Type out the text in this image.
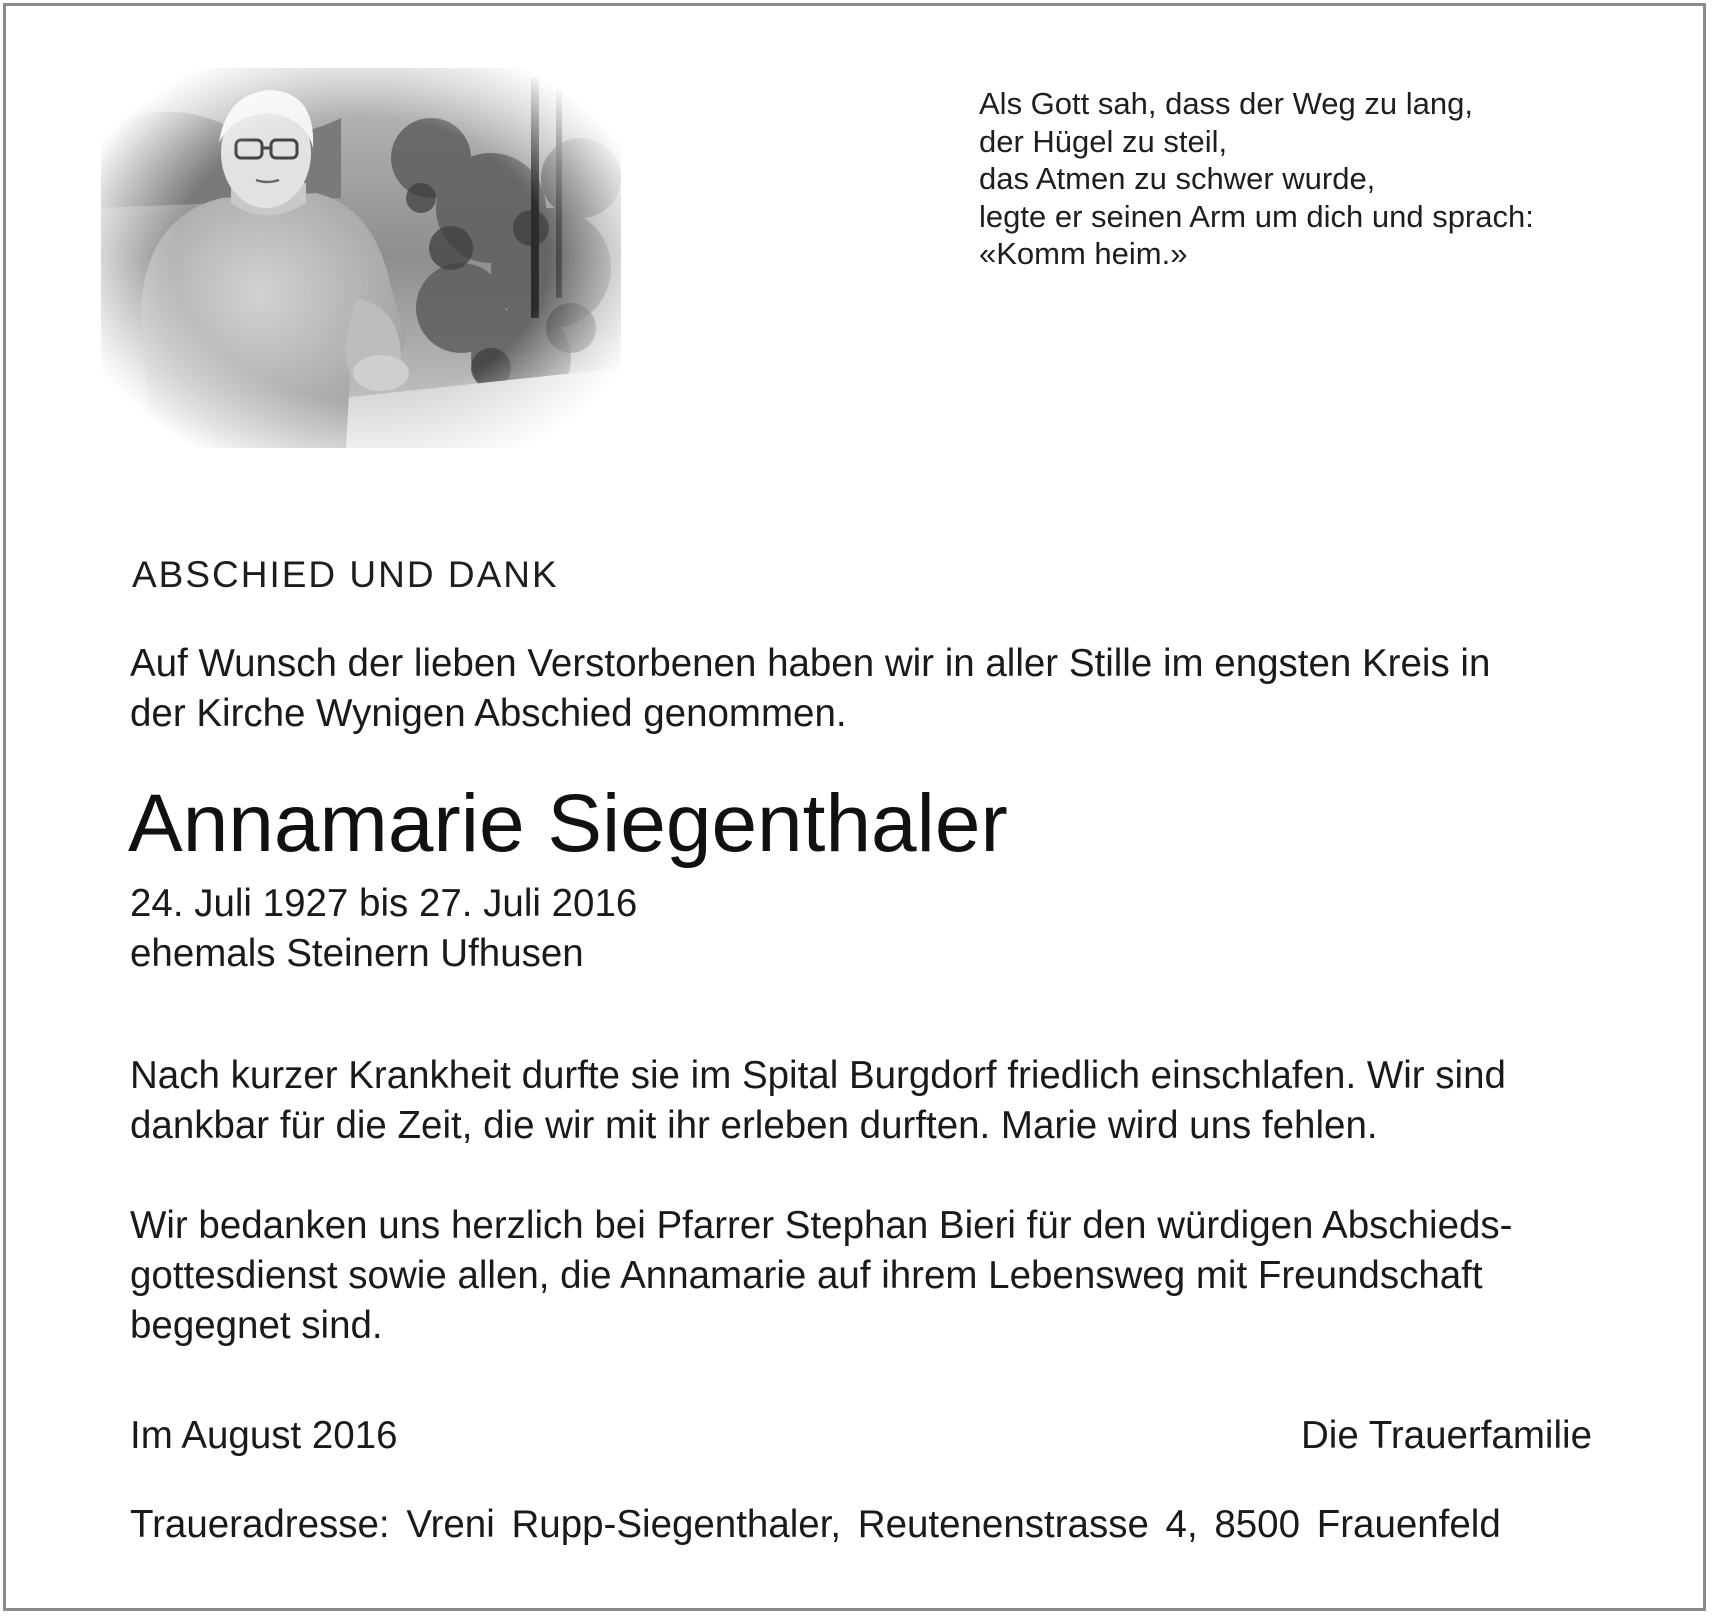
Als Gott sah, dass der Weg zu lang,
der Hügel zu steil,
das Atmen zu schwer wurde,
legte er seinen Arm um dich und sprach:
«Komm heim.»
ABSCHIED UND DANK
Auf Wunsch der lieben Verstorbenen haben wir in aller Stille im engsten Kreis in
der Kirche Wynigen Abschied genommen.
Annamarie Siegenthaler
24. Juli 1927 bis 27. Juli 2016
ehemals Steinern Ufhusen
Nach kurzer Krankheit durfte sie im Spital Burgdorf friedlich einschlafen. Wir sind
dankbar für die Zeit, die wir mit ihr erleben durften. Marie wird uns fehlen.
Wir bedanken uns herzlich bei Pfarrer Stephan Bieri für den würdigen Abschieds-
gottesdienst sowie allen, die Annamarie auf ihrem Lebensweg mit Freundschaft
begegnet sind.
Im August 2016	Die Trauerfamilie
Traueradresse: Vreni Rupp-Siegenthaler, Reutenenstrasse 4, 8500 Frauenfeld
